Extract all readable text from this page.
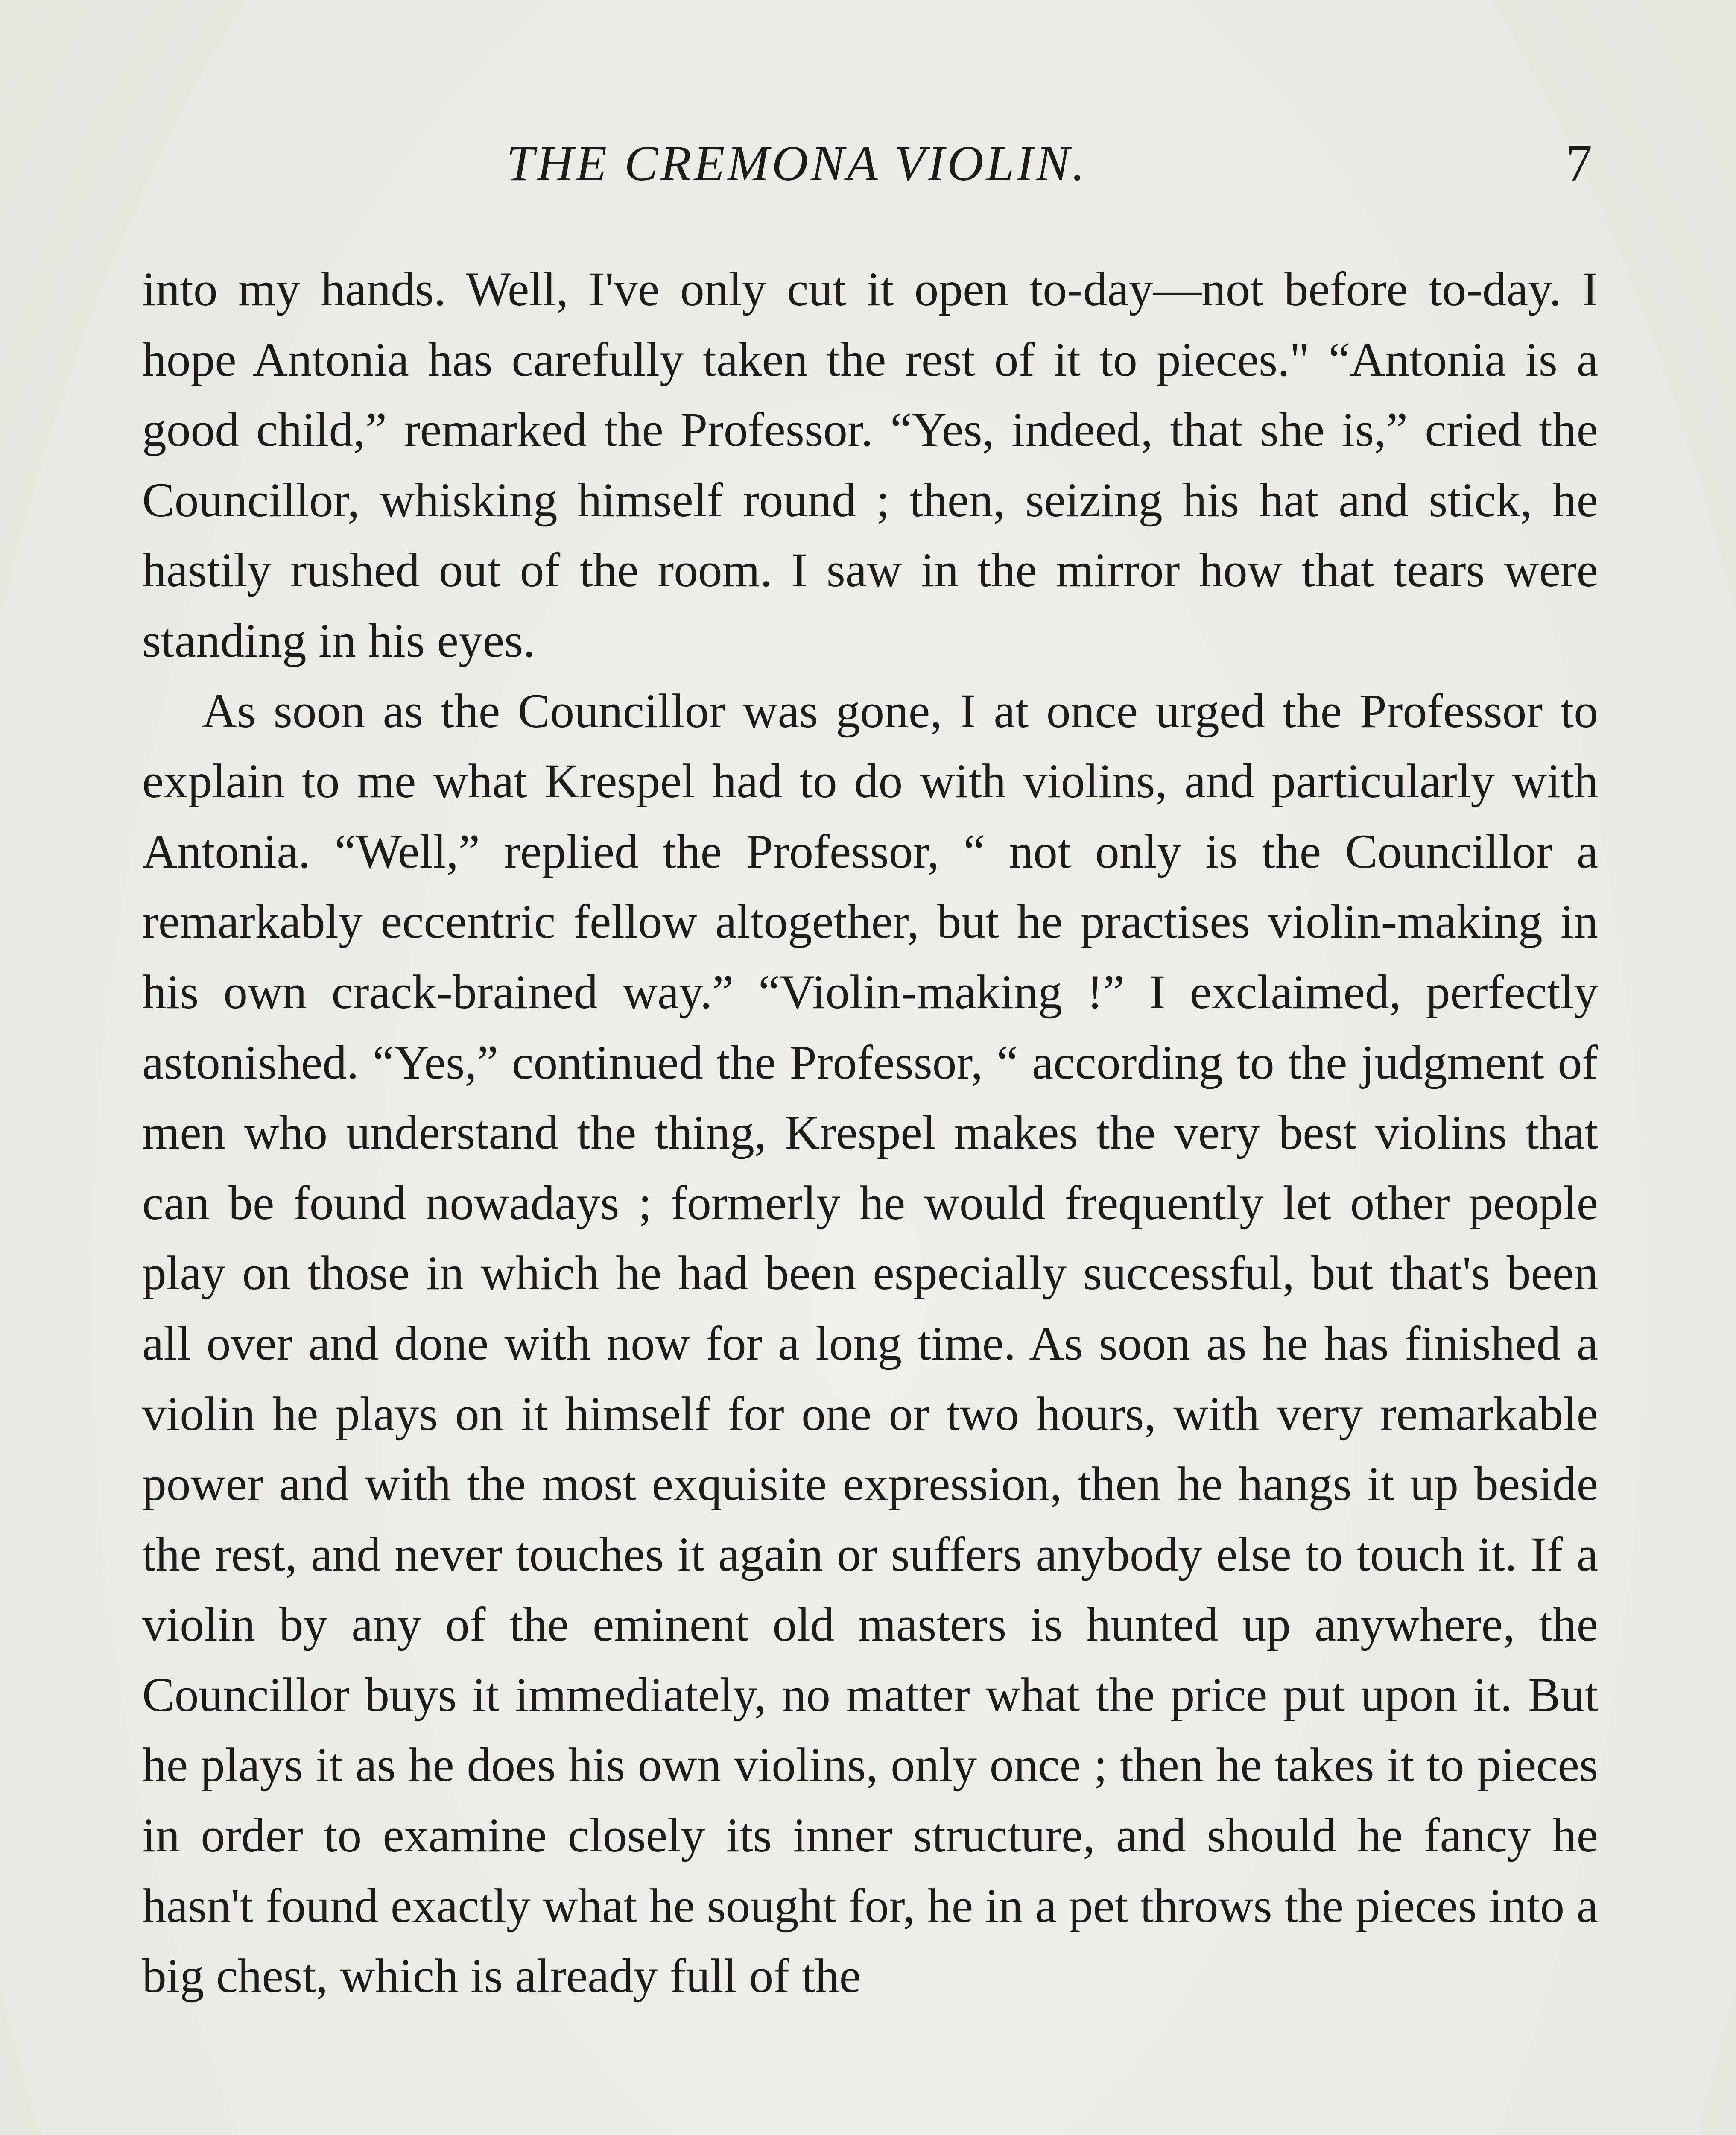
THE CREMONA VIOLIN.	7

into my hands. Well, I've only cut it open to-day—not before to-day. I hope Antonia has carefully taken the rest of it to pieces." “Antonia is a good child,” remarked the Professor. “Yes, indeed, that she is,” cried the Councillor, whisking himself round ; then, seizing his hat and stick, he hastily rushed out of the room. I saw in the mirror how that tears were standing in his eyes.

As soon as the Councillor was gone, I at once urged the Professor to explain to me what Krespel had to do with violins, and particularly with Antonia. “Well,” replied the Professor, “ not only is the Councillor a remarkably eccentric fellow altogether, but he practises violin-making in his own crack-brained way.” “Violin-making !” I exclaimed, perfectly astonished. “Yes,” continued the Professor, “ according to the judgment of men who understand the thing, Krespel makes the very best violins that can be found nowadays ; formerly he would frequently let other people play on those in which he had been especially successful, but that's been all over and done with now for a long time. As soon as he has finished a violin he plays on it himself for one or two hours, with very remarkable power and with the most exquisite expression, then he hangs it up beside the rest, and never touches it again or suffers anybody else to touch it. If a violin by any of the eminent old masters is hunted up anywhere, the Councillor buys it immediately, no matter what the price put upon it. But he plays it as he does his own violins, only once ; then he takes it to pieces in order to examine closely its inner structure, and should he fancy he hasn't found exactly what he sought for, he in a pet throws the pieces into a big chest, which is already full of the
